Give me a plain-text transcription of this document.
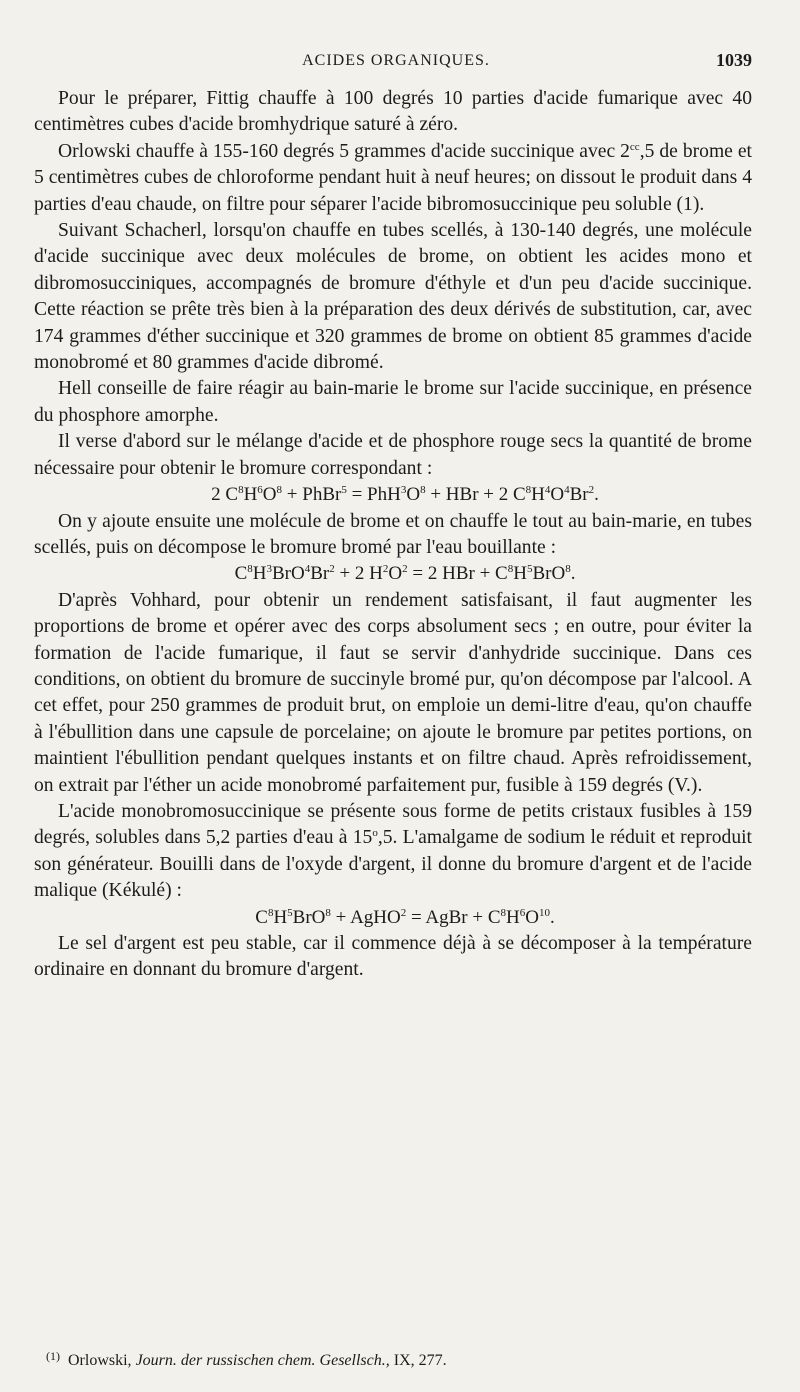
ACIDES ORGANIQUES.	1039

Pour le préparer, Fittig chauffe à 100 degrés 10 parties d'acide fumarique avec 40 centimètres cubes d'acide bromhydrique saturé à zéro.

Orlowski chauffe à 155-160 degrés 5 grammes d'acide succinique avec $2^{cc},5$ de brome et 5 centimètres cubes de chloroforme pendant huit à neuf heures; on dissout le produit dans 4 parties d'eau chaude, on filtre pour séparer l'acide bibromosuccinique peu soluble (1).

Suivant Schacherl, lorsqu'on chauffe en tubes scellés, à 130-140 degrés, une molécule d'acide succinique avec deux molécules de brome, on obtient les acides mono et dibromosucciniques, accompagnés de bromure d'éthyle et d'un peu d'acide succinique. Cette réaction se prête très bien à la préparation des deux dérivés de substitution, car, avec 174 grammes d'éther succinique et 320 grammes de brome on obtient 85 grammes d'acide monobromé et 80 grammes d'acide dibromé.

Hell conseille de faire réagir au bain-marie le brome sur l'acide succinique, en présence du phosphore amorphe.

Il verse d'abord sur le mélange d'acide et de phosphore rouge secs la quantité de brome nécessaire pour obtenir le bromure correspondant :

2 $C^8H^6O^8$ + PhBr$^5$ = $PhH^3O^8$ + HBr + 2 $C^8H^4O^4Br^2$.

On y ajoute ensuite une molécule de brome et on chauffe le tout au bain-marie, en tubes scellés, puis on décompose le bromure bromé par l'eau bouillante :

$C^8H^3BrO^4Br^2 + 2$ $H^2O^2 = 2$ HBr + $C^8H^5BrO^8$.

D'après Vohhard, pour obtenir un rendement satisfaisant, il faut augmenter les proportions de brome et opérer avec des corps absolument secs ; en outre, pour éviter la formation de l'acide fumarique, il faut se servir d'anhydride succinique. Dans ces conditions, on obtient du bromure de succinyle bromé pur, qu'on décompose par l'alcool. A cet effet, pour 250 grammes de produit brut, on emploie un demi-litre d'eau, qu'on chauffe à l'ébullition dans une capsule de porcelaine; on ajoute le bromure par petites portions, on maintient l'ébullition pendant quelques instants et on filtre chaud. Après refroidissement, on extrait par l'éther un acide monobromé parfaitement pur, fusible à 159 degrés (V.).

L'acide monobromosuccinique se présente sous forme de petits cristaux fusibles à 159 degrés, solubles dans 5,2 parties d'eau à 15$^o$,5. L'amalgame de sodium le réduit et reproduit son générateur. Bouilli dans de l'oxyde d'argent, il donne du bromure d'argent et de l'acide malique (Kékulé) :

$C^8H^5BrO^8$ + AgHO$^2$ = AgBr + $C^8H^6O^{10}$.

Le sel d'argent est peu stable, car il commence déjà à se décomposer à la température ordinaire en donnant du bromure d'argent.

$^{(1)}$ Orlowski, Journ. der russischen chem. Gesellsch., IX, 277.
